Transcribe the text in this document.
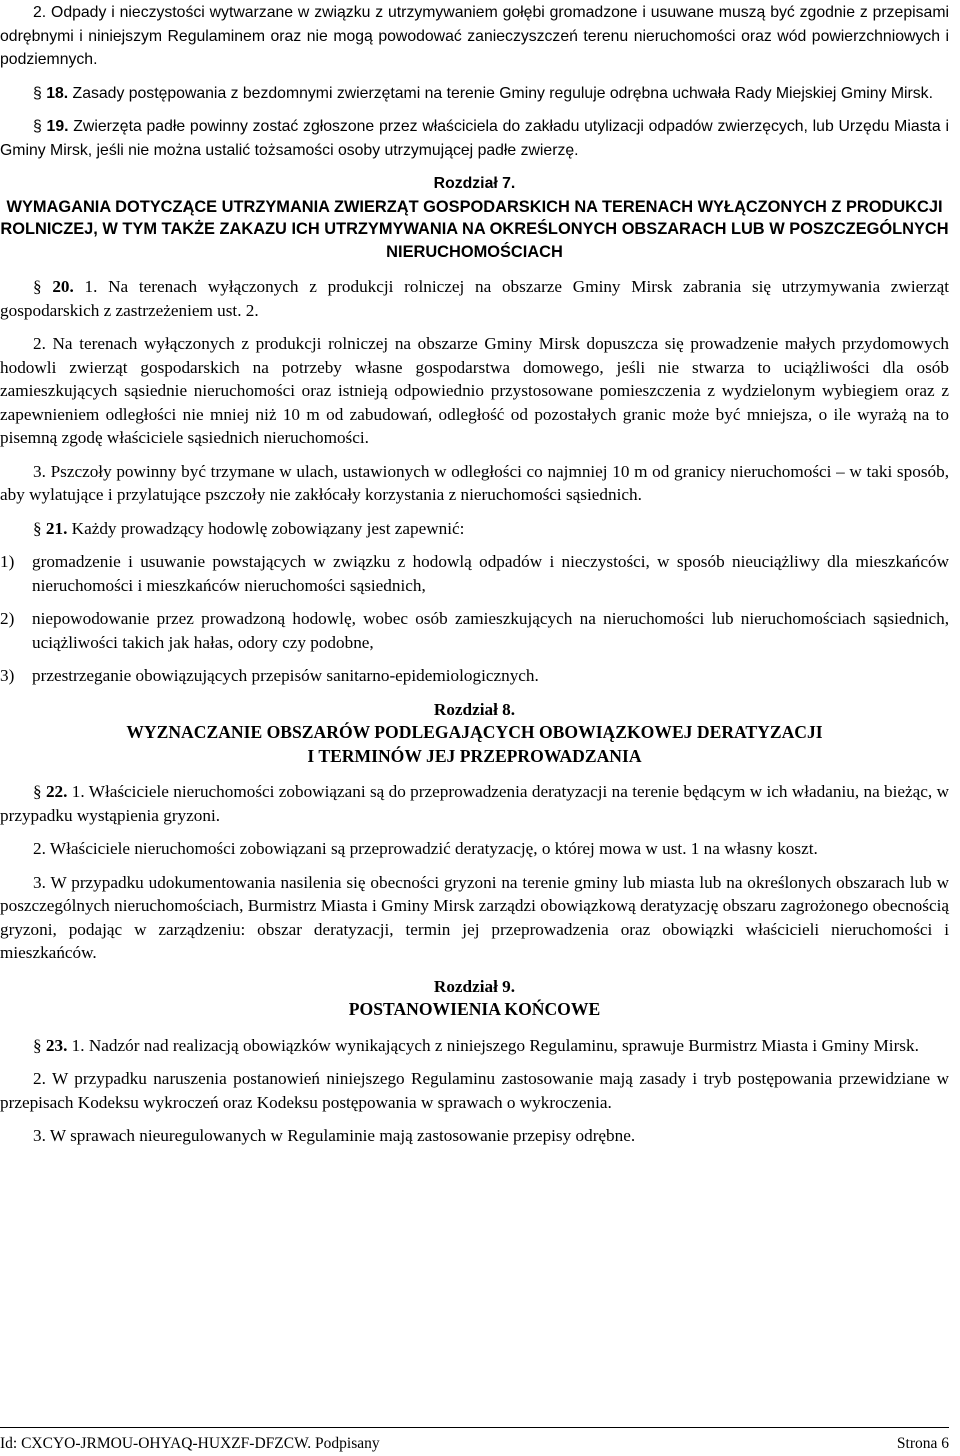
2. Odpady i nieczystości wytwarzane w związku z utrzymywaniem gołębi gromadzone i usuwane muszą być zgodnie z przepisami odrębnymi i niniejszym Regulaminem oraz nie mogą powodować zanieczyszczeń terenu nieruchomości oraz wód powierzchniowych i podziemnych.

§ 18. Zasady postępowania z bezdomnymi zwierzętami na terenie Gminy reguluje odrębna uchwała Rady Miejskiej Gminy Mirsk.

§ 19. Zwierzęta padłe powinny zostać zgłoszone przez właściciela do zakładu utylizacji odpadów zwierzęcych, lub Urzędu Miasta i Gminy Mirsk, jeśli nie można ustalić tożsamości osoby utrzymującej padłe zwierzę.

Rozdział 7.
WYMAGANIA DOTYCZĄCE UTRZYMANIA ZWIERZĄT GOSPODARSKICH NA TERENACH WYŁĄCZONYCH Z PRODUKCJI ROLNICZEJ, W TYM TAKŻE ZAKAZU ICH UTRZYMYWANIA NA OKREŚLONYCH OBSZARACH LUB W POSZCZEGÓLNYCH NIERUCHOMOŚCIACH

§ 20. 1. Na terenach wyłączonych z produkcji rolniczej na obszarze Gminy Mirsk zabrania się utrzymywania zwierząt gospodarskich z zastrzeżeniem ust. 2.

2. Na terenach wyłączonych z produkcji rolniczej na obszarze Gminy Mirsk dopuszcza się prowadzenie małych przydomowych hodowli zwierząt gospodarskich na potrzeby własne gospodarstwa domowego, jeśli nie stwarza to uciążliwości dla osób zamieszkujących sąsiednie nieruchomości oraz istnieją odpowiednio przystosowane pomieszczenia z wydzielonym wybiegiem oraz z zapewnieniem odległości nie mniej niż 10 m od zabudowań, odległość od pozostałych granic może być mniejsza, o ile wyrażą na to pisemną zgodę właściciele sąsiednich nieruchomości.

3. Pszczoły powinny być trzymane w ulach, ustawionych w odległości co najmniej 10 m od granicy nieruchomości – w taki sposób, aby wylatujące i przylatujące pszczoły nie zakłócały korzystania z nieruchomości sąsiednich.

§ 21. Każdy prowadzący hodowlę zobowiązany jest zapewnić:

1) gromadzenie i usuwanie powstających w związku z hodowlą odpadów i nieczystości, w sposób nieuciążliwy dla mieszkańców nieruchomości i mieszkańców nieruchomości sąsiednich,
2) niepowodowanie przez prowadzoną hodowlę, wobec osób zamieszkujących na nieruchomości lub nieruchomościach sąsiednich, uciążliwości takich jak hałas, odory czy podobne,
3) przestrzeganie obowiązujących przepisów sanitarno-epidemiologicznych.
Rozdział 8.
WYZNACZANIE OBSZARÓW PODLEGAJĄCYCH OBOWIĄZKOWEJ DERATYZACJI
I TERMINÓW JEJ PRZEPROWADZANIA

§ 22. 1. Właściciele nieruchomości zobowiązani są do przeprowadzenia deratyzacji na terenie będącym w ich władaniu, na bieżąc, w przypadku wystąpienia gryzoni.

2. Właściciele nieruchomości zobowiązani są przeprowadzić deratyzację, o której mowa w ust. 1 na własny koszt.

3. W przypadku udokumentowania nasilenia się obecności gryzoni na terenie gminy lub miasta lub na określonych obszarach lub w poszczególnych nieruchomościach, Burmistrz Miasta i Gminy Mirsk zarządzi obowiązkową deratyzację obszaru zagrożonego obecnością gryzoni, podając w zarządzeniu: obszar deratyzacji, termin jej przeprowadzenia oraz obowiązki właścicieli nieruchomości i mieszkańców.

Rozdział 9.
POSTANOWIENIA KOŃCOWE

§ 23. 1. Nadzór nad realizacją obowiązków wynikających z niniejszego Regulaminu, sprawuje Burmistrz Miasta i Gminy Mirsk.

2. W przypadku naruszenia postanowień niniejszego Regulaminu zastosowanie mają zasady i tryb postępowania przewidziane w przepisach Kodeksu wykroczeń oraz Kodeksu postępowania w sprawach o wykroczenia.

3. W sprawach nieuregulowanych w Regulaminie mają zastosowanie przepisy odrębne.

Id: CXCYO-JRMOU-OHYAQ-HUXZF-DFZCW. Podpisany	Strona 6
